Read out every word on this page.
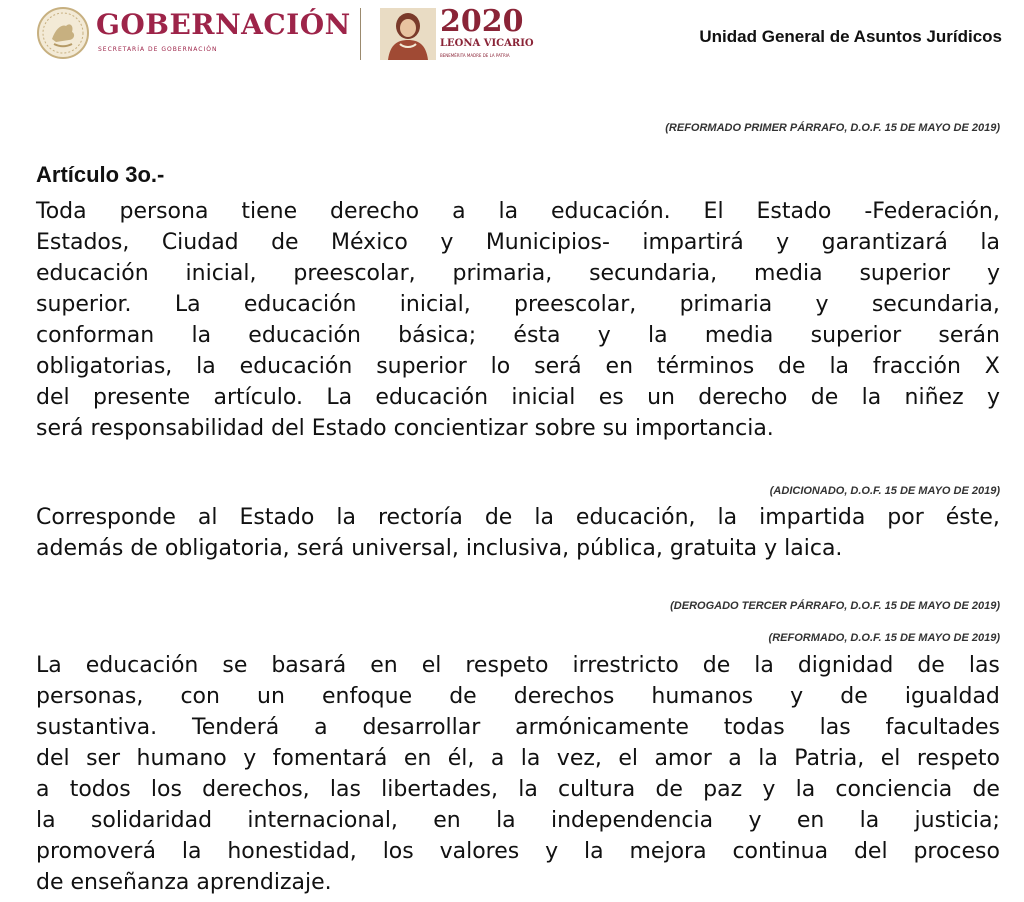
GOBERNACIÓN
SECRETARÍA DE GOBERNACIÓN
2020
LEONA VICARIO
BENEMÉRITA MADRE DE LA PATRIA
Unidad General de Asuntos Jurídicos
(REFORMADO PRIMER PÁRRAFO, D.O.F. 15 DE MAYO DE 2019)
Artículo 3o.-
Toda persona tiene derecho a la educación. El Estado -Federación,
Estados, Ciudad de México y Municipios- impartirá y garantizará la
educación inicial, preescolar, primaria, secundaria, media superior y
superior. La educación inicial, preescolar, primaria y secundaria,
conforman la educación básica; ésta y la media superior serán
obligatorias, la educación superior lo será en términos de la fracción X
del presente artículo. La educación inicial es un derecho de la niñez y
será responsabilidad del Estado concientizar sobre su importancia.
(ADICIONADO, D.O.F. 15 DE MAYO DE 2019)
Corresponde al Estado la rectoría de la educación, la impartida por éste,
además de obligatoria, será universal, inclusiva, pública, gratuita y laica.
(DEROGADO TERCER PÁRRAFO, D.O.F. 15 DE MAYO DE 2019)
(REFORMADO, D.O.F. 15 DE MAYO DE 2019)
La educación se basará en el respeto irrestricto de la dignidad de las
personas, con un enfoque de derechos humanos y de igualdad
sustantiva. Tenderá a desarrollar armónicamente todas las facultades
del ser humano y fomentará en él, a la vez, el amor a la Patria, el respeto
a todos los derechos, las libertades, la cultura de paz y la conciencia de
la solidaridad internacional, en la independencia y en la justicia;
promoverá la honestidad, los valores y la mejora continua del proceso
de enseñanza aprendizaje.
